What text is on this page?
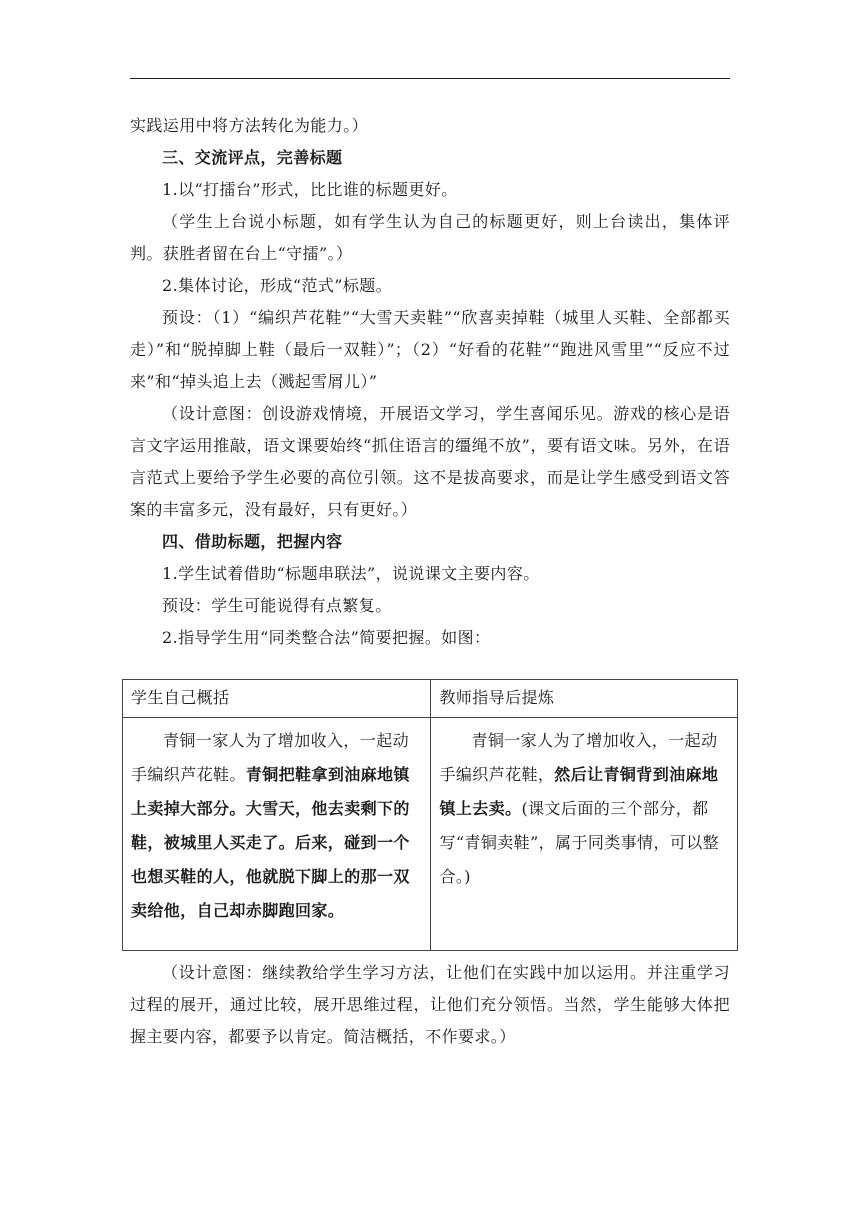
实践运用中将方法转化为能力。）

三、交流评点，完善标题

1.以“打擂台”形式，比比谁的标题更好。

（学生上台说小标题，如有学生认为自己的标题更好，则上台读出，集体评判。获胜者留在台上“守擂”。）

2.集体讨论，形成“范式”标题。

预设：（1）“编织芦花鞋”“大雪天卖鞋”“欣喜卖掉鞋（城里人买鞋、全部都买走）”和“脱掉脚上鞋（最后一双鞋）”；（2）“好看的花鞋”“跑进风雪里”“反应不过来”和“掉头追上去（溅起雪屑儿）”

（设计意图：创设游戏情境，开展语文学习，学生喜闻乐见。游戏的核心是语言文字运用推敲，语文课要始终“抓住语言的缰绳不放”，要有语文味。另外，在语言范式上要给予学生必要的高位引领。这不是拔高要求，而是让学生感受到语文答案的丰富多元，没有最好，只有更好。）

四、借助标题，把握内容

1.学生试着借助“标题串联法”，说说课文主要内容。

预设：学生可能说得有点繁复。

2.指导学生用“同类整合法”简要把握。如图：

学生自己概括	教师指导后提炼
青铜一家人为了增加收入，一起动手编织芦花鞋。青铜把鞋拿到油麻地镇上卖掉大部分。大雪天，他去卖剩下的鞋，被城里人买走了。后来，碰到一个也想买鞋的人，他就脱下脚上的那一双卖给他，自己却赤脚跑回家。	青铜一家人为了增加收入，一起动手编织芦花鞋，然后让青铜背到油麻地镇上去卖。(课文后面的三个部分，都写“青铜卖鞋”，属于同类事情，可以整合。)

（设计意图：继续教给学生学习方法，让他们在实践中加以运用。并注重学习过程的展开，通过比较，展开思维过程，让他们充分领悟。当然，学生能够大体把握主要内容，都要予以肯定。简洁概括，不作要求。）
